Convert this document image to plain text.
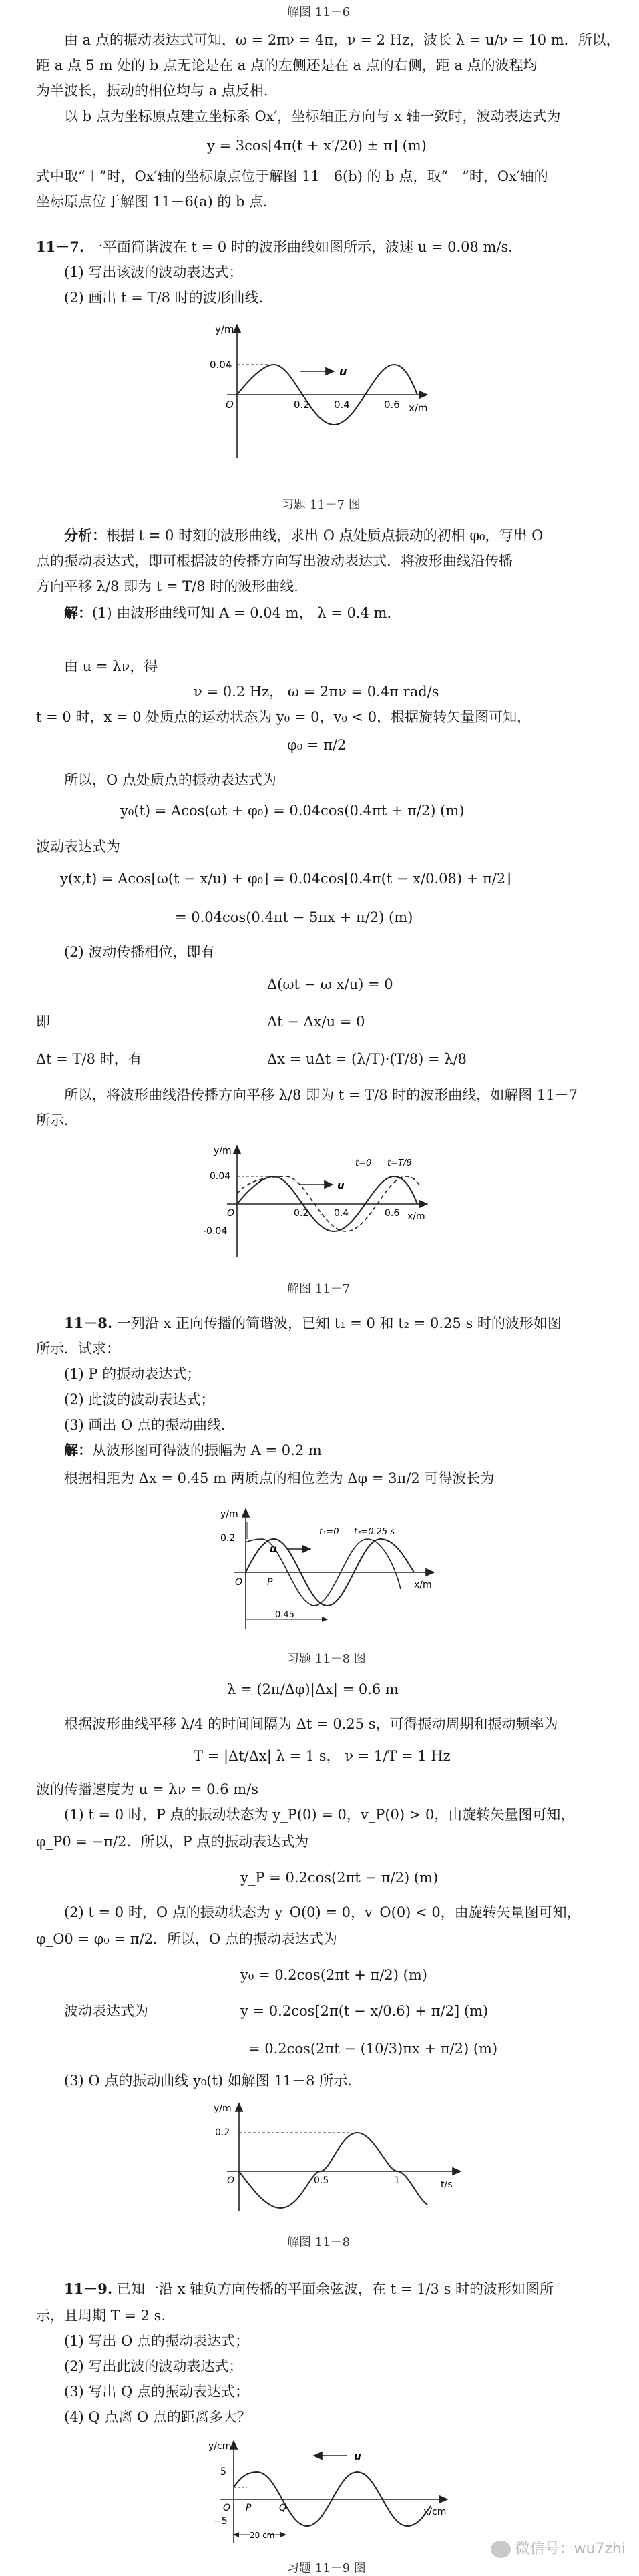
解图 11－6
由 a 点的振动表达式可知，ω = 2πν = 4π，ν = 2 Hz，波长 λ = u/ν = 10 m．所以，
距 a 点 5 m 处的 b 点无论是在 a 点的左侧还是在 a 点的右侧，距 a 点的波程均
为半波长，振动的相位均与 a 点反相．
以 b 点为坐标原点建立坐标系 Ox′，坐标轴正方向与 x 轴一致时，波动表达式为
y = 3cos[4π(t + x′/20) ± π] (m)
式中取“＋”时，Ox′轴的坐标原点位于解图 11－6(b) 的 b 点，取“－”时，Ox′轴的
坐标原点位于解图 11－6(a) 的 b 点．
11－7. 一平面简谐波在 t = 0 时的波形曲线如图所示，波速 u = 0.08 m/s.
(1) 写出该波的波动表达式；
(2) 画出 t = T/8 时的波形曲线．
y/m
x/m
0.04
O	0.2 0.4	0.6
u
习题 11－7 图
分析：根据 t = 0 时刻的波形曲线，求出 O 点处质点振动的初相 φ₀，写出 O
点的振动表达式，即可根据波的传播方向写出波动表达式．将波形曲线沿传播
方向平移 λ/8 即为 t = T/8 时的波形曲线．
解：(1) 由波形曲线可知 A = 0.04 m， λ = 0.4 m.
由 u = λν，得
ν = 0.2 Hz， ω = 2πν = 0.4π rad/s
t = 0 时，x = 0 处质点的运动状态为 y₀ = 0，v₀ < 0，根据旋转矢量图可知，
φ₀ = π/2
所以，O 点处质点的振动表达式为
y₀(t) = Acos(ωt + φ₀) = 0.04cos(0.4πt + π/2) (m)
波动表达式为
y(x,t) = Acos[ω(t − x/u) + φ₀] = 0.04cos[0.4π(t − x/0.08) + π/2]
= 0.04cos(0.4πt − 5πx + π/2) (m)
(2) 波动传播相位，即有
Δ(ωt − ω x/u) = 0
即	Δt − Δx/u = 0
Δt = T/8 时，有	Δx = uΔt = (λ/T)·(T/8) = λ/8
所以，将波形曲线沿传播方向平移 λ/8 即为 t = T/8 时的波形曲线，如解图 11－7
所示．
y/m
x/m
0.04
-0.04
O	0.2	0.4	0.6
u
t=0 t=T/8
解图 11－7
11－8. 一列沿 x 正向传播的简谐波，已知 t₁ = 0 和 t₂ = 0.25 s 时的波形如图
所示．试求：
(1) P 的振动表达式；
(2) 此波的波动表达式；
(3) 画出 O 点的振动曲线．
解：从波形图可得波的振幅为 A = 0.2 m
根据相距为 Δx = 0.45 m 两质点的相位差为 Δφ = 3π/2 可得波长为
y/m
x/m
0.2
O
u
t₁=0 t₂=0.25 s
P
0.45
习题 11－8 图
λ = (2π/Δφ)|Δx| = 0.6 m
根据波形曲线平移 λ/4 的时间间隔为 Δt = 0.25 s，可得振动周期和振动频率为
T = |Δt/Δx| λ = 1 s， ν = 1/T = 1 Hz
波的传播速度为 u = λν = 0.6 m/s
(1) t = 0 时，P 点的振动状态为 y_P(0) = 0，v_P(0) > 0，由旋转矢量图可知，
φ_P0 = −π/2．所以，P 点的振动表达式为
y_P = 0.2cos(2πt − π/2) (m)
(2) t = 0 时，O 点的振动状态为 y_O(0) = 0，v_O(0) < 0，由旋转矢量图可知，
φ_O0 = φ₀ = π/2．所以，O 点的振动表达式为
y₀ = 0.2cos(2πt + π/2) (m)
波动表达式为	y = 0.2cos[2π(t − x/0.6) + π/2] (m)
= 0.2cos(2πt − (10/3)πx + π/2) (m)
(3) O 点的振动曲线 y₀(t) 如解图 11－8 所示．
y/m
t/s
0.2
O	0.5	1
解图 11－8
11－9. 已知一沿 x 轴负方向传播的平面余弦波，在 t = 1/3 s 时的波形如图所
示，且周期 T = 2 s.
(1) 写出 O 点的振动表达式；
(2) 写出此波的波动表达式；
(3) 写出 Q 点的振动表达式；
(4) Q 点离 O 点的距离多大？
y/cm
x/cm
5
−5
O
u
P	Q
20 cm
习题 11－9 图
微信号：wu7zhi
